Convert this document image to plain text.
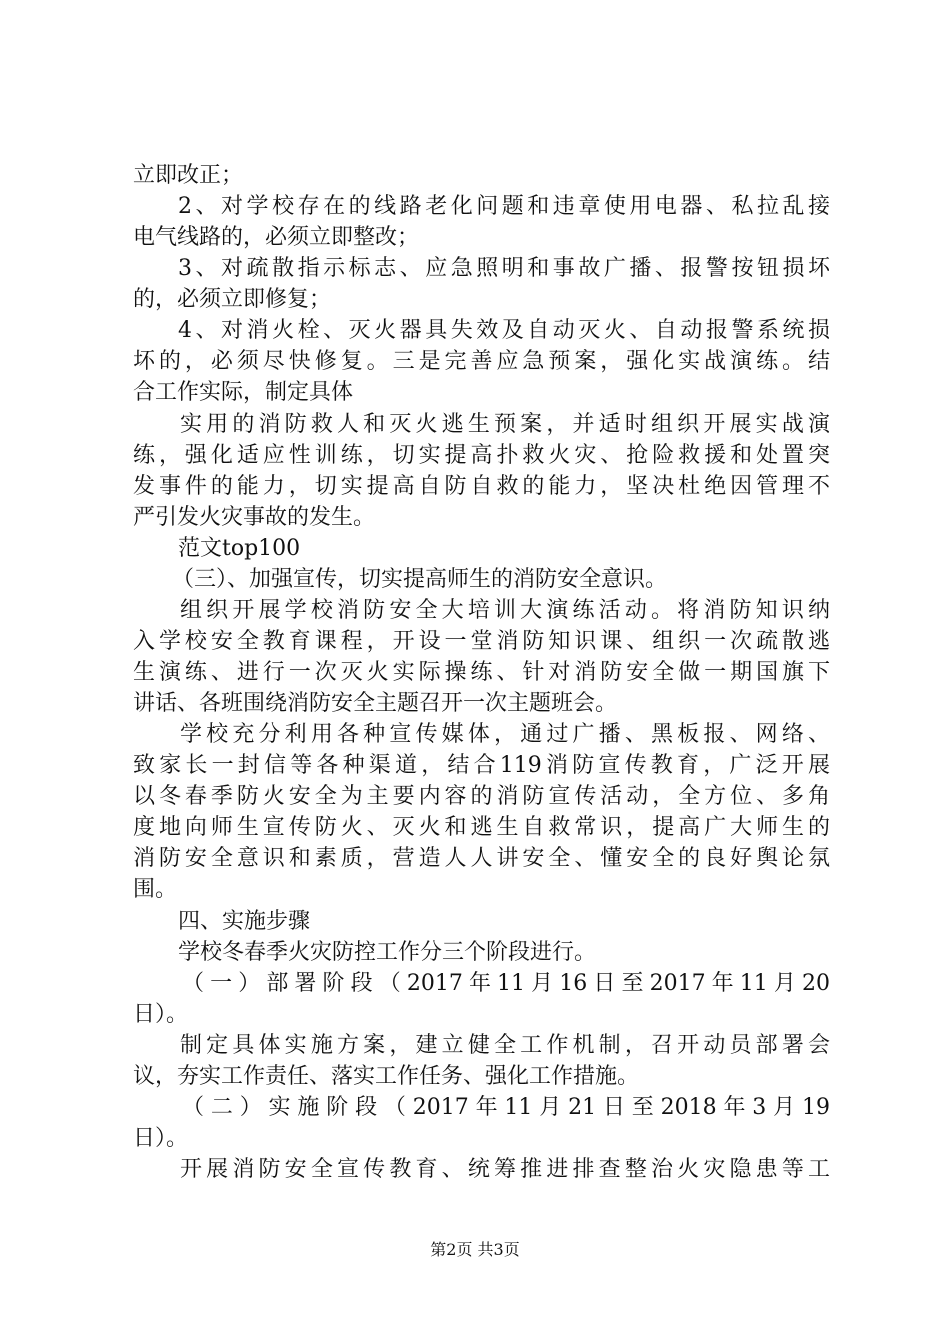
立即改正；
2、对学校存在的线路老化问题和违章使用电器、私拉乱接
电气线路的，必须立即整改；
3、对疏散指示标志、应急照明和事故广播、报警按钮损坏
的，必须立即修复；
4、对消火栓、灭火器具失效及自动灭火、自动报警系统损
坏的，必须尽快修复。三是完善应急预案，强化实战演练。结
合工作实际，制定具体
实用的消防救人和灭火逃生预案，并适时组织开展实战演
练，强化适应性训练，切实提高扑救火灾、抢险救援和处置突
发事件的能力，切实提高自防自救的能力，坚决杜绝因管理不
严引发火灾事故的发生。
范文top100
（三）、加强宣传，切实提高师生的消防安全意识。
组织开展学校消防安全大培训大演练活动。将消防知识纳
入学校安全教育课程，开设一堂消防知识课、组织一次疏散逃
生演练、进行一次灭火实际操练、针对消防安全做一期国旗下
讲话、各班围绕消防安全主题召开一次主题班会。
学校充分利用各种宣传媒体，通过广播、黑板报、网络、
致家长一封信等各种渠道，结合119消防宣传教育，广泛开展
以冬春季防火安全为主要内容的消防宣传活动，全方位、多角
度地向师生宣传防火、灭火和逃生自救常识，提高广大师生的
消防安全意识和素质，营造人人讲安全、懂安全的良好舆论氛
围。
四、实施步骤
学校冬春季火灾防控工作分三个阶段进行。
（一）部署阶段（2017年11月16日至2017年11月20
日）。
制定具体实施方案，建立健全工作机制，召开动员部署会
议，夯实工作责任、落实工作任务、强化工作措施。
（二）实施阶段（2017年11月21日至2018年3月19
日）。
开展消防安全宣传教育、统筹推进排查整治火灾隐患等工
第2页 共3页
